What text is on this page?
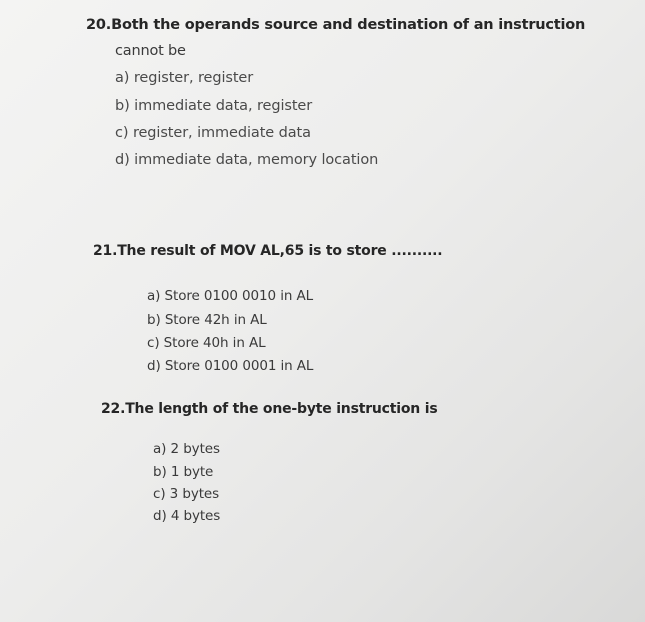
20.Both the operands source and destination of an instruction
cannot be
a) register, register
b) immediate data, register
c) register, immediate data
d) immediate data, memory location
21.The result of MOV AL,65 is to store ..........
a) Store 0100 0010 in AL
b) Store 42h in AL
c) Store 40h in AL
d) Store 0100 0001 in AL
22.The length of the one-byte instruction is
a) 2 bytes
b) 1 byte
c) 3 bytes
d) 4 bytes
